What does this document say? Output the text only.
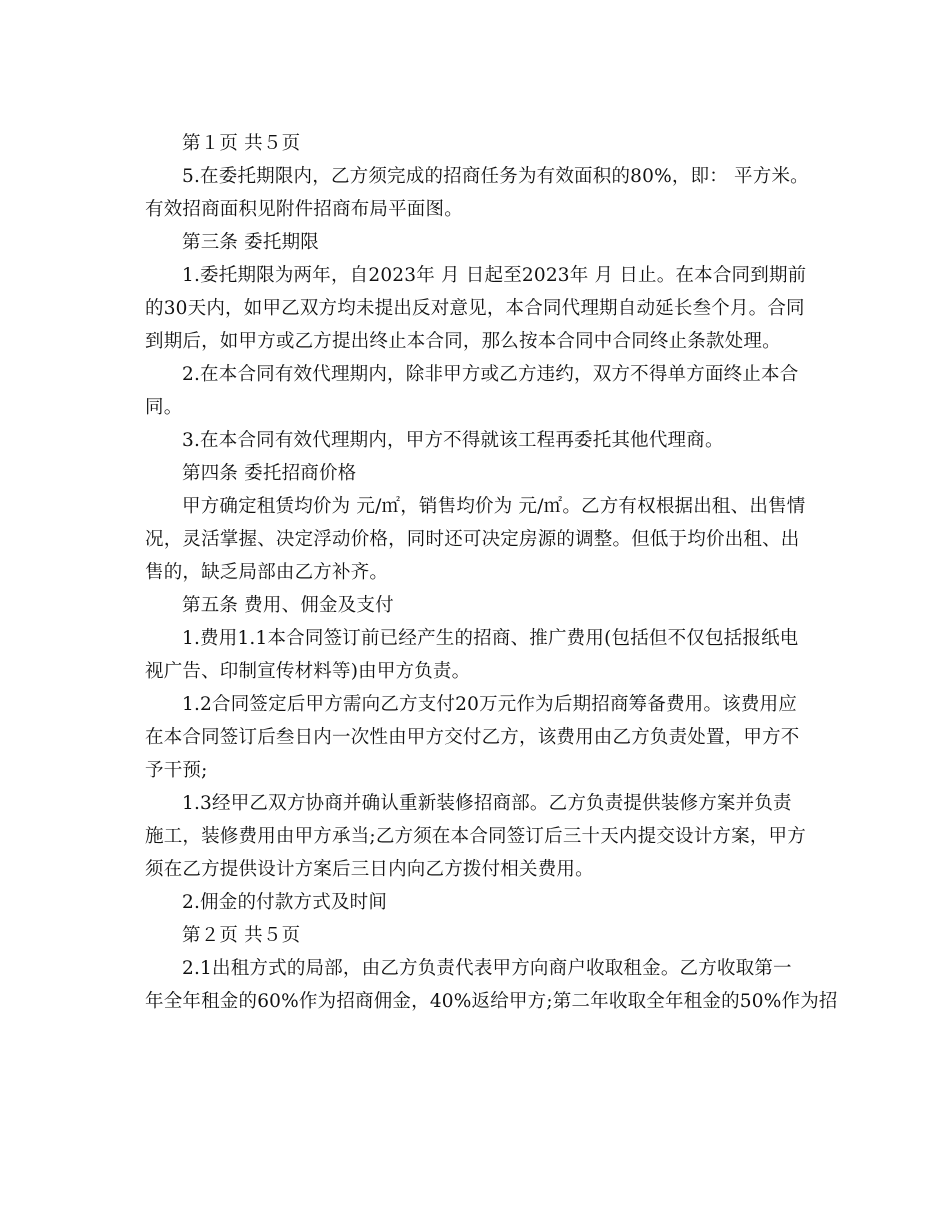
第１页 共５页
5.在委托期限内，乙方须完成的招商任务为有效面积的80%，即： 平方米。
有效招商面积见附件招商布局平面图。
第三条 委托期限
1.委托期限为两年，自2023年 月 日起至2023年 月 日止。在本合同到期前
的30天内，如甲乙双方均未提出反对意见，本合同代理期自动延长叁个月。合同
到期后，如甲方或乙方提出终止本合同，那么按本合同中合同终止条款处理。
2.在本合同有效代理期内，除非甲方或乙方违约，双方不得单方面终止本合
同。
3.在本合同有效代理期内，甲方不得就该工程再委托其他代理商。
第四条 委托招商价格
甲方确定租赁均价为 元/㎡，销售均价为 元/㎡。乙方有权根据出租、出售情
况，灵活掌握、决定浮动价格，同时还可决定房源的调整。但低于均价出租、出
售的，缺乏局部由乙方补齐。
第五条 费用、佣金及支付
1.费用1.1本合同签订前已经产生的招商、推广费用(包括但不仅包括报纸电
视广告、印制宣传材料等)由甲方负责。
1.2合同签定后甲方需向乙方支付20万元作为后期招商筹备费用。该费用应
在本合同签订后叁日内一次性由甲方交付乙方，该费用由乙方负责处置，甲方不
予干预;
1.3经甲乙双方协商并确认重新装修招商部。乙方负责提供装修方案并负责
施工，装修费用由甲方承当;乙方须在本合同签订后三十天内提交设计方案，甲方
须在乙方提供设计方案后三日内向乙方拨付相关费用。
2.佣金的付款方式及时间
第２页 共５页
2.1出租方式的局部，由乙方负责代表甲方向商户收取租金。乙方收取第一
年全年租金的60%作为招商佣金，40%返给甲方;第二年收取全年租金的50%作为招
